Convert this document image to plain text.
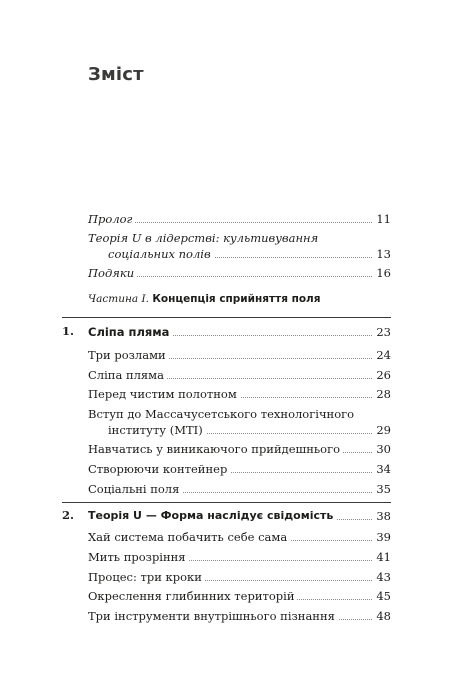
Зміст
Пролог	11
Теорія U в лідерстві: культивування
соціальних полів	13
Подяки	16
Частина І. Концепція сприйняття поля
1. Сліпа пляма	23
Три розлами	24
Сліпа пляма	26
Перед чистим полотном	28
Вступ до Массачусетського технологічного
інституту (MTI)	29
Навчатись у виникаючого прийдешнього	30
Створюючи контейнер	34
Соціальні поля	35
2. Теорія U — Форма наслідує свідомість	38
Хай система побачить себе сама	39
Мить прозріння	41
Процес: три кроки	43
Окреслення глибинних територій	45
Три інструменти внутрішнього пізнання	48
